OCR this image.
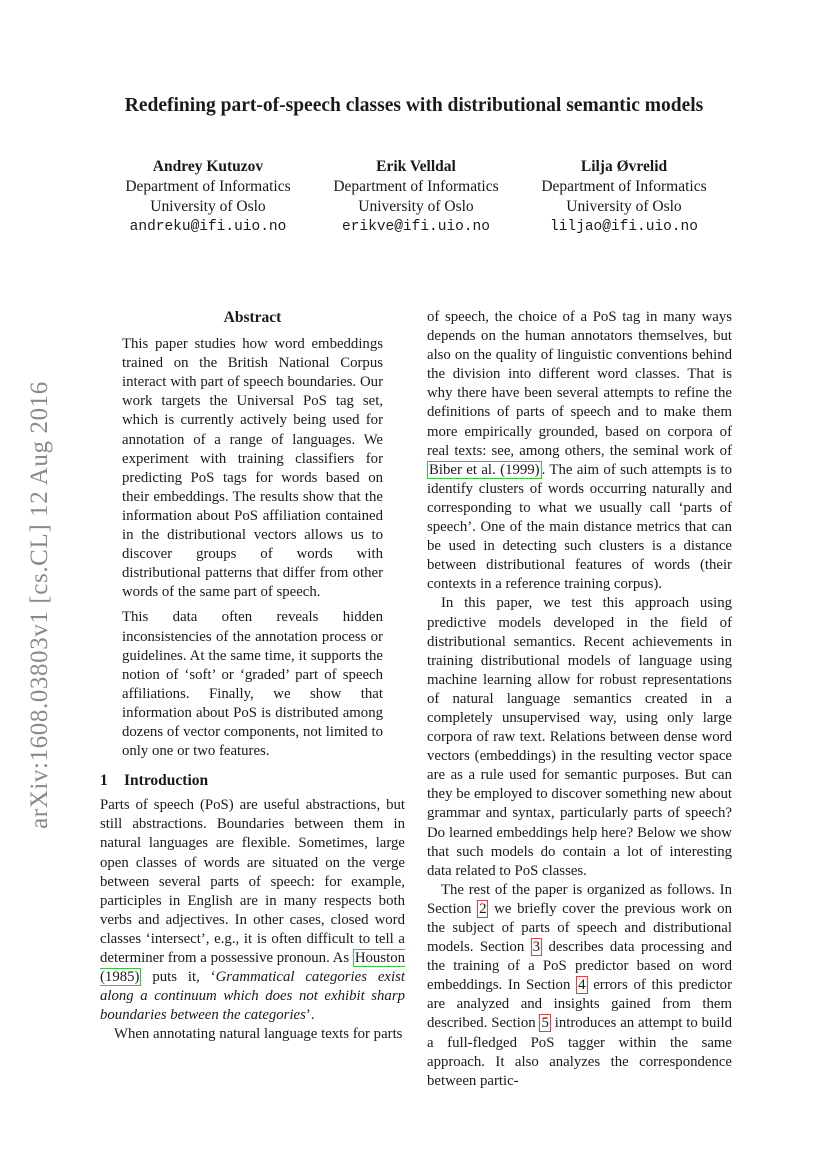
Redefining part-of-speech classes with distributional semantic models
Andrey Kutuzov
Department of Informatics
University of Oslo
andreku@ifi.uio.no
Erik Velldal
Department of Informatics
University of Oslo
erikve@ifi.uio.no
Lilja Øvrelid
Department of Informatics
University of Oslo
liljao@ifi.uio.no
arXiv:1608.03803v1 [cs.CL] 12 Aug 2016
Abstract

This paper studies how word embeddings trained on the British National Corpus interact with part of speech boundaries. Our work targets the Universal PoS tag set, which is currently actively being used for annotation of a range of languages. We experiment with training classifiers for predicting PoS tags for words based on their embeddings. The results show that the information about PoS affiliation contained in the distributional vectors allows us to discover groups of words with distributional patterns that differ from other words of the same part of speech.

This data often reveals hidden inconsistencies of the annotation process or guidelines. At the same time, it supports the notion of ‘soft’ or ‘graded’ part of speech affiliations. Finally, we show that information about PoS is distributed among dozens of vector components, not limited to only one or two features.

1 Introduction

Parts of speech (PoS) are useful abstractions, but still abstractions. Boundaries between them in natural languages are flexible. Sometimes, large open classes of words are situated on the verge between several parts of speech: for example, participles in English are in many respects both verbs and adjectives. In other cases, closed word classes ‘intersect’, e.g., it is often difficult to tell a determiner from a possessive pronoun. As Houston (1985) puts it, ‘Grammatical categories exist along a continuum which does not exhibit sharp boundaries between the categories’.

When annotating natural language texts for parts

of speech, the choice of a PoS tag in many ways depends on the human annotators themselves, but also on the quality of linguistic conventions behind the division into different word classes. That is why there have been several attempts to refine the definitions of parts of speech and to make them more empirically grounded, based on corpora of real texts: see, among others, the seminal work of Biber et al. (1999) . The aim of such attempts is to identify clusters of words occurring naturally and corresponding to what we usually call ‘parts of speech’. One of the main distance metrics that can be used in detecting such clusters is a distance between distributional features of words (their contexts in a reference training corpus).

In this paper, we test this approach using predictive models developed in the field of distributional semantics. Recent achievements in training distributional models of language using machine learning allow for robust representations of natural language semantics created in a completely unsupervised way, using only large corpora of raw text. Relations between dense word vectors (embeddings) in the resulting vector space are as a rule used for semantic purposes. But can they be employed to discover something new about grammar and syntax, particularly parts of speech? Do learned embeddings help here? Below we show that such models do contain a lot of interesting data related to PoS classes.

The rest of the paper is organized as follows. In Section 2 we briefly cover the previous work on the subject of parts of speech and distributional models. Section 3 describes data processing and the training of a PoS predictor based on word embeddings. In Section 4 errors of this predictor are analyzed and insights gained from them described. Section 5 introduces an attempt to build a full-fledged PoS tagger within the same approach. It also analyzes the correspondence between partic-
